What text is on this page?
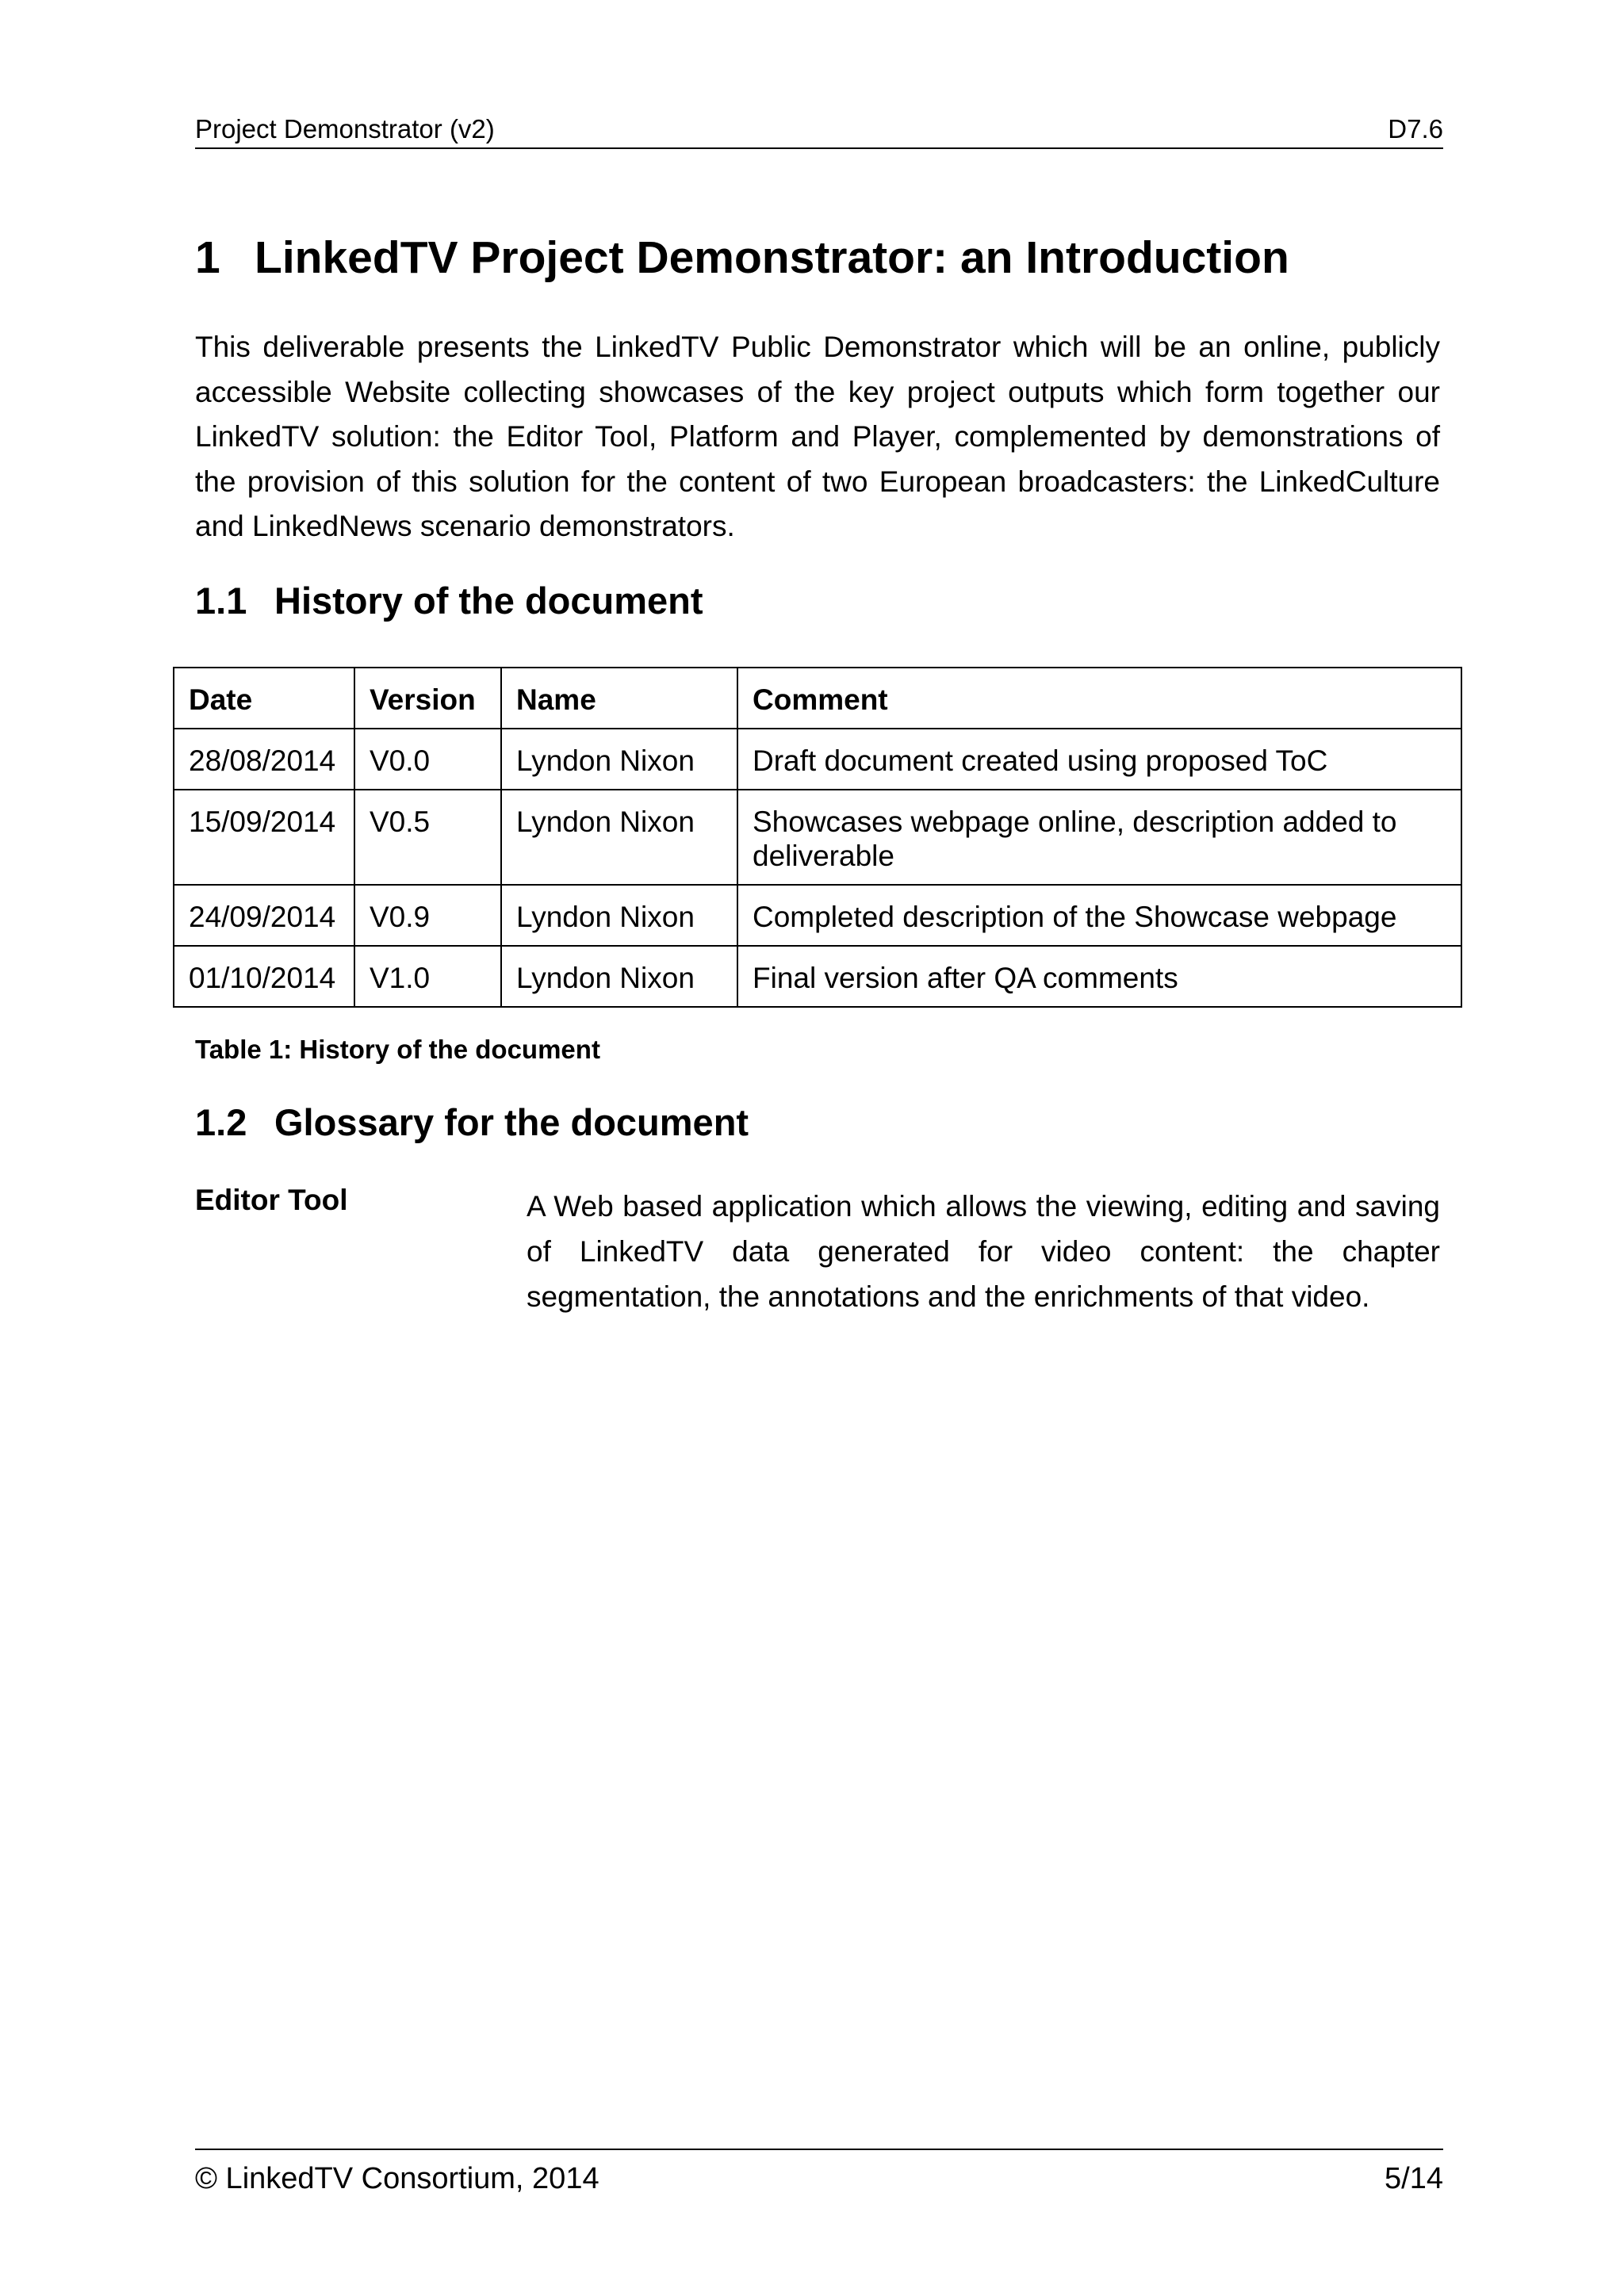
Project Demonstrator (v2)	D7.6
1 LinkedTV Project Demonstrator: an Introduction

This deliverable presents the LinkedTV Public Demonstrator which will be an online, publicly accessible Website collecting showcases of the key project outputs which form together our LinkedTV solution: the Editor Tool, Platform and Player, complemented by demonstrations of the provision of this solution for the content of two European broadcasters: the LinkedCulture and LinkedNews scenario demonstrators.

1.1 History of the document
Date	Version	Name	Comment
28/08/2014	V0.0	Lyndon Nixon	Draft document created using proposed ToC
15/09/2014	V0.5	Lyndon Nixon	Showcases webpage online, description added to deliverable
24/09/2014	V0.9	Lyndon Nixon	Completed description of the Showcase webpage
01/10/2014	V1.0	Lyndon Nixon	Final version after QA comments

Table 1: History of the document

1.2 Glossary for the document

Editor Tool	A Web based application which allows the viewing, editing and saving of LinkedTV data generated for video content: the chapter segmentation, the annotations and the enrichments of that video.

© LinkedTV Consortium, 2014	5/14
